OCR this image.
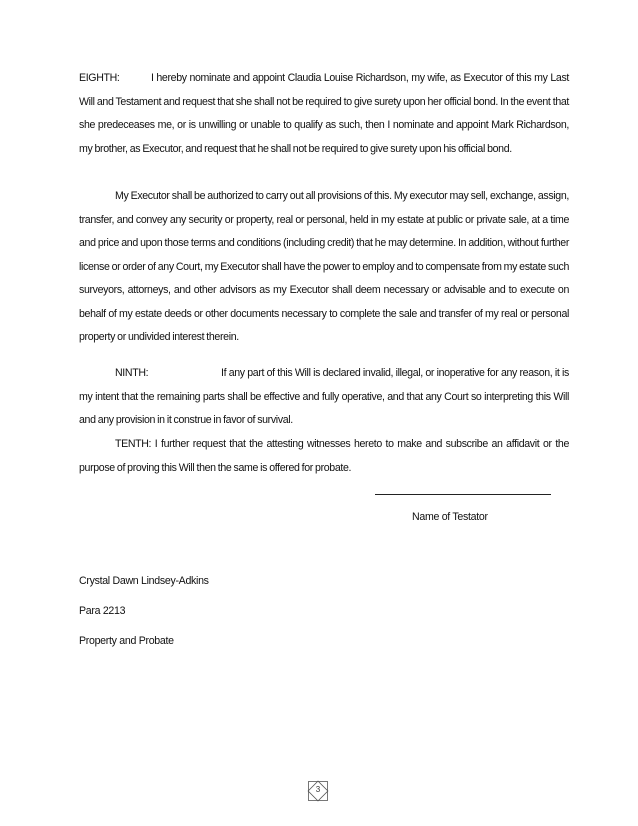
EIGHTH:	I hereby nominate and appoint Claudia Louise Richardson, my wife, as Executor of this my Last Will and Testament and request that she shall not be required to give surety upon her official bond. In the event that she predeceases me, or is unwilling or unable to qualify as such, then I nominate and appoint Mark Richardson, my brother, as Executor, and request that he shall not be required to give surety upon his official bond.

My Executor shall be authorized to carry out all provisions of this. My executor may sell, exchange, assign, transfer, and convey any security or property, real or personal, held in my estate at public or private sale, at a time and price and upon those terms and conditions (including credit) that he may determine. In addition, without further license or order of any Court, my Executor shall have the power to employ and to compensate from my estate such surveyors, attorneys, and other advisors as my Executor shall deem necessary or advisable and to execute on behalf of my estate deeds or other documents necessary to complete the sale and transfer of my real or personal property or undivided interest therein.

NINTH:	If any part of this Will is declared invalid, illegal, or inoperative for any reason, it is my intent that the remaining parts shall be effective and fully operative, and that any Court so interpreting this Will and any provision in it construe in favor of survival.

TENTH: I further request that the attesting witnesses hereto to make and subscribe an affidavit or the purpose of proving this Will then the same is offered for probate.

Name of Testator
Crystal Dawn Lindsey-Adkins
Para 2213
Property and Probate
3
